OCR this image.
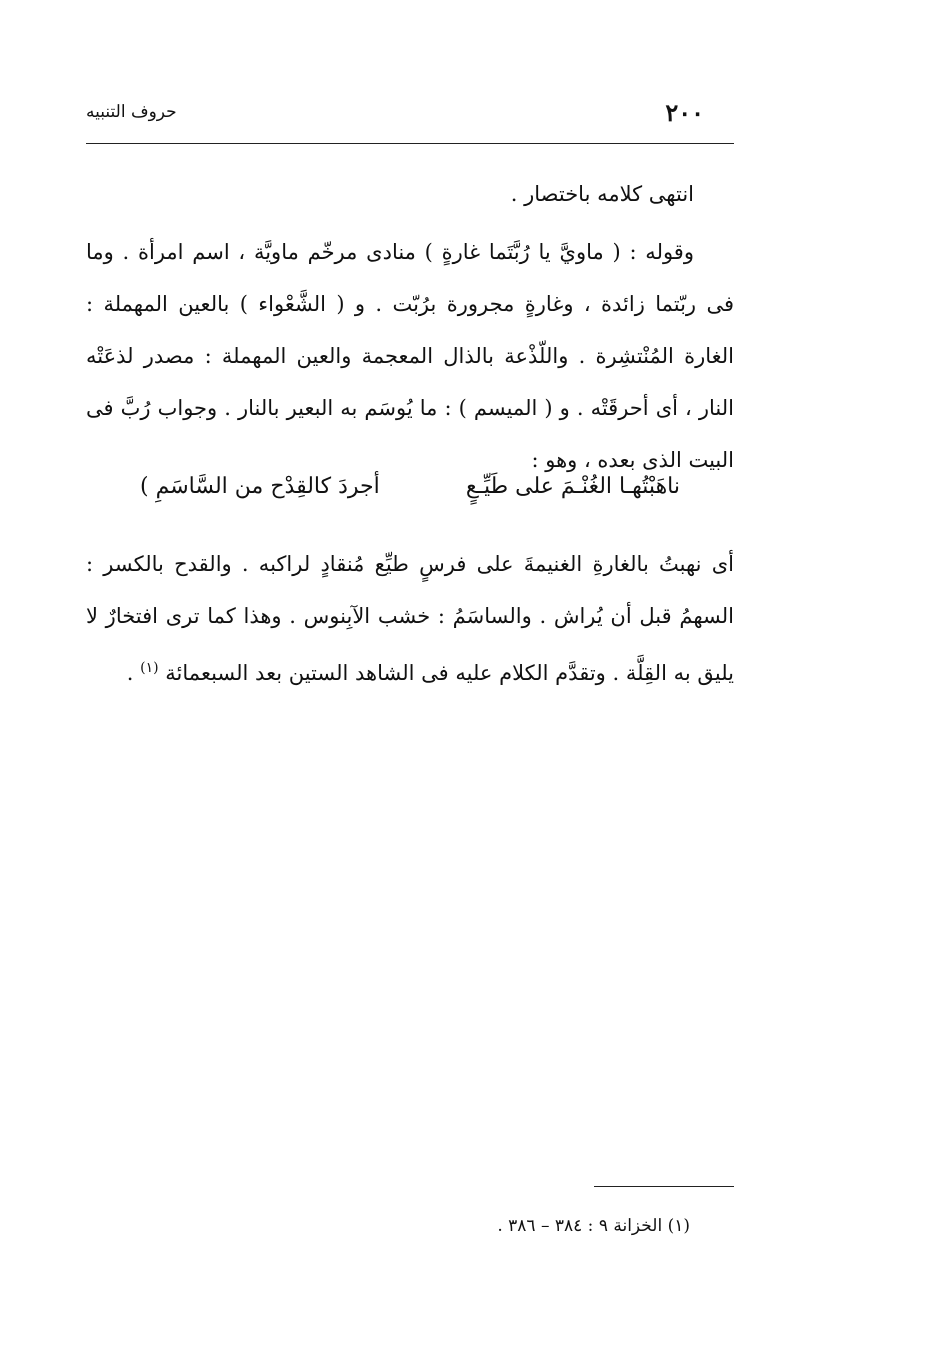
٢٠٠
حروف التنبيه

انتهى كلامه باختصار .

وقوله : ( ماويَّ يا رُبَّتَما غارةٍ ) منادى مرخّم ماويَّة ، اسم امرأة . وما فى ربّتما زائدة ، وغارةٍ مجرورة برُبّت . و ( الشَّعْواء ) بالعين المهملة : الغارة المُنْتشِرة . واللّذْعة بالذال المعجمة والعين المهملة : مصدر لذعَتْه النار ، أى أحرقَتْه . و ( الميسم ) : ما يُوسَم به البعير بالنار . وجواب رُبَّ فى البيت الذى بعده ، وهو :

ناهَبْتُهـا الغُنْـمَ على طَيِّـعٍ
أجردَ كالقِدْح من السَّاسَمِ )

أى نهبتُ بالغارةِ الغنيمةَ على فرسٍ طيِّع مُنقادٍ لراكبه . والقدح بالكسر : السهمُ قبل أن يُراش . والساسَمُ : خشب الآبِنوس . وهذا كما ترى افتخارٌ لا يليق به القِلَّة . وتقدَّم الكلام عليه فى الشاهد الستين بعد السبعمائة $^{(١)}$ .

(١) الخزانة ٩ : ٣٨٤ – ٣٨٦ .
